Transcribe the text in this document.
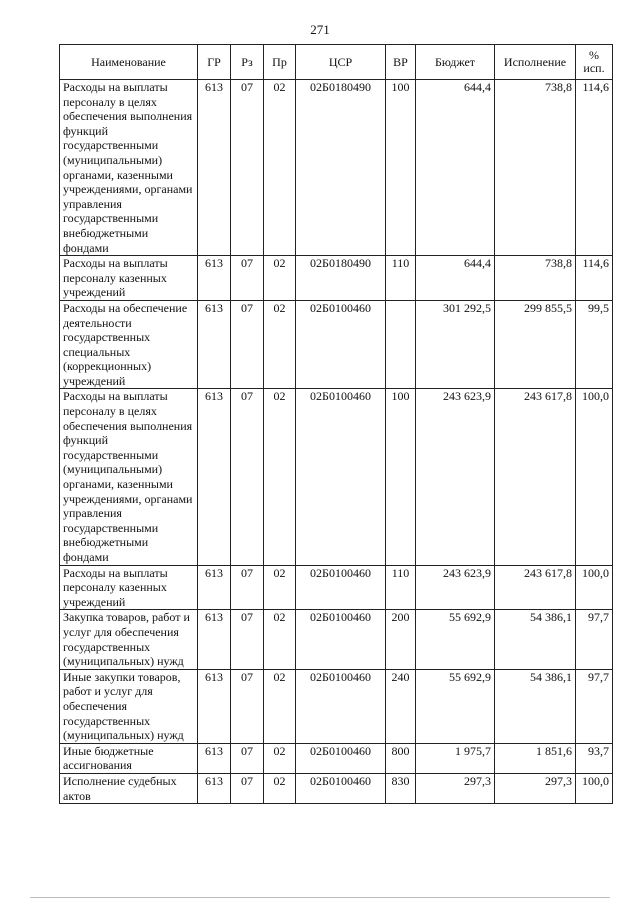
271
Наименование	ГР	Рз	Пр	ЦСР	ВР	Бюджет	Исполнение	%
исп.
Расходы на выплаты персоналу в целях обеспечения выполнения функций государственными (муниципальными) органами, казенными учреждениями, органами управления государственными внебюджетными фондами	613	07	02	02Б0180490	100	644,4	738,8	114,6
Расходы на выплаты персоналу казенных учреждений	613	07	02	02Б0180490	110	644,4	738,8	114,6
Расходы на обеспечение деятельности государственных специальных (коррекционных) учреждений	613	07	02	02Б0100460		301 292,5	299 855,5	99,5
Расходы на выплаты персоналу в целях обеспечения выполнения функций государственными (муниципальными) органами, казенными учреждениями, органами управления государственными внебюджетными фондами	613	07	02	02Б0100460	100	243 623,9	243 617,8	100,0
Расходы на выплаты персоналу казенных учреждений	613	07	02	02Б0100460	110	243 623,9	243 617,8	100,0
Закупка товаров, работ и услуг для обеспечения государственных (муниципальных) нужд	613	07	02	02Б0100460	200	55 692,9	54 386,1	97,7
Иные закупки товаров, работ и услуг для обеспечения государственных (муниципальных) нужд	613	07	02	02Б0100460	240	55 692,9	54 386,1	97,7
Иные бюджетные ассигнования	613	07	02	02Б0100460	800	1 975,7	1 851,6	93,7
Исполнение судебных актов	613	07	02	02Б0100460	830	297,3	297,3	100,0
